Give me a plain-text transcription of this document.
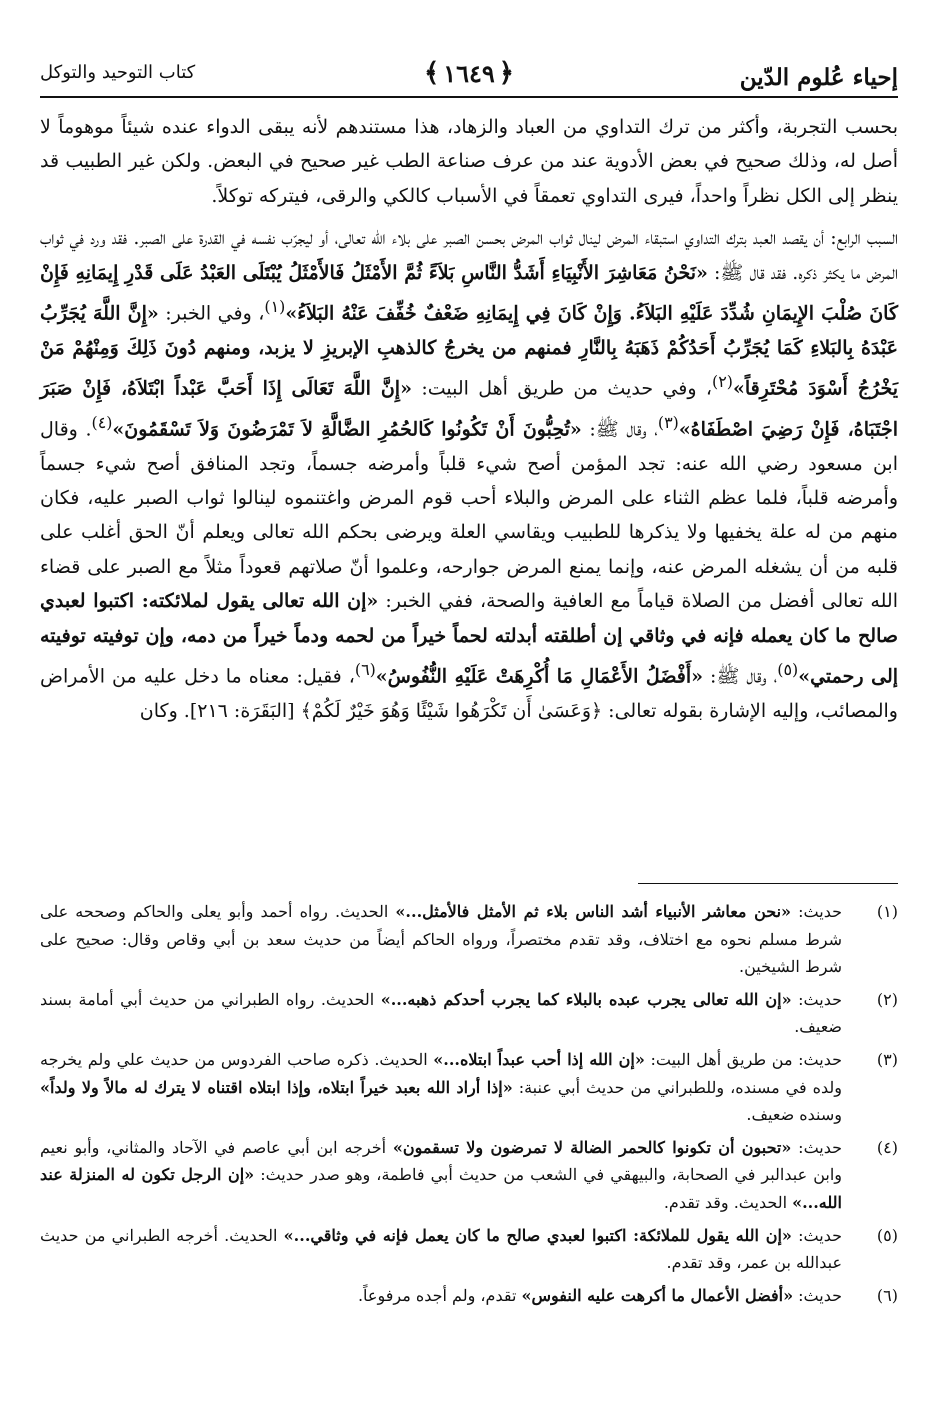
كتاب التوحيد والتوكل	﴾ ١٦٤٩ ﴿	إحياء عُلوم الدّين

بحسب التجربة، وأكثر من ترك التداوي من العباد والزهاد، هذا مستندهم لأنه يبقى الدواء عنده شيئاً موهوماً لا أصل له، وذلك صحيح في بعض الأدوية عند من عرف صناعة الطب غير صحيح في البعض. ولكن غير الطبيب قد ينظر إلى الكل نظراً واحداً، فيرى التداوي تعمقاً في الأسباب كالكي والرقى، فيتركه توكلاً.

السبب الرابع: أن يقصد العبد بترك التداوي استبقاء المرض لينال ثواب المرض بحسن الصبر على بلاء الله تعالى، أو ليجرّب نفسه في القدرة على الصبر. فقد ورد في ثواب المرض ما يكثر ذكره. فقد قال ﷺ: «نَحْنُ مَعَاشِرَ الأَنْبِيَاءِ أَشَدُّ النَّاسِ بَلاَءً ثُمَّ الأَمْثَلُ فَالأَمْثَلُ يُبْتَلَى العَبْدُ عَلَى قَدْرِ إِيمَانِهِ فَإِنْ كَانَ صُلْبَ الإِيمَانِ شُدِّدَ عَلَيْهِ البَلاَءُ. وَإِنْ كَانَ فِي إِيمَانِهِ ضَعْفٌ خُفِّفَ عَنْهُ البَلاَءُ»$^{(١)}$، وفي الخبر: «إِنَّ اللَّهَ يُجَرِّبُ عَبْدَهُ بِالبَلاءِ كَمَا يُجَرِّبُ أَحَدُكُمْ ذَهَبَهُ بِالنَّارِ فمنهم من يخرجُ كالذهبِ الإبريزِ لا يزبد، ومنهم دُونَ ذَلِكَ وَمِنْهُمْ مَنْ يَخْرُجُ أَسْوَدَ مُحْتَرِقاً»$^{(٢)}$، وفي حديث من طريق أهل البيت: «إِنَّ اللَّهَ تَعَالَى إِذَا أَحَبَّ عَبْداً ابْتَلاَهُ، فَإِنْ صَبَرَ اجْتَبَاهُ، فَإِنْ رَضِيَ اصْطَفَاهُ»$^{(٣)}$، وقال ﷺ: «تُحِبُّونَ أَنْ تَكُونُوا كَالحُمُرِ الضَّالَّةِ لاَ تَمْرَضُونَ وَلاَ تَسْقَمُونَ»$^{(٤)}$. وقال ابن مسعود رضي الله عنه: تجد المؤمن أصح شيء قلباً وأمرضه جسماً، وتجد المنافق أصح شيء جسماً وأمرضه قلباً، فلما عظم الثناء على المرض والبلاء أحب قوم المرض واغتنموه لينالوا ثواب الصبر عليه، فكان منهم من له علة يخفيها ولا يذكرها للطبيب ويقاسي العلة ويرضى بحكم الله تعالى ويعلم أنّ الحق أغلب على قلبه من أن يشغله المرض عنه، وإنما يمنع المرض جوارحه، وعلموا أنّ صلاتهم قعوداً مثلاً مع الصبر على قضاء الله تعالى أفضل من الصلاة قياماً مع العافية والصحة، ففي الخبر: «إن الله تعالى يقول لملائكته: اكتبوا لعبدي صالح ما كان يعمله فإنه في وثاقي إن أطلقته أبدلته لحماً خيراً من لحمه ودماً خيراً من دمه، وإن توفيته توفيته إلى رحمتي»$^{(٥)}$، وقال ﷺ: «أَفْضَلُ الأَعْمَالِ مَا أُكْرِهَتْ عَلَيْهِ النُّفُوسُ»$^{(٦)}$، فقيل: معناه ما دخل عليه من الأمراض والمصائب، وإليه الإشارة بقوله تعالى: ﴿وَعَسَىٰ أَن تَكْرَهُوا شَيْئًا وَهُوَ خَيْرٌ لَكُمْ﴾ [البَقَرَة: ٢١٦]. وكان

(١)
حديث: «نحن معاشر الأنبياء أشد الناس بلاء ثم الأمثل فالأمثل...» الحديث. رواه أحمد وأبو يعلى والحاكم وصححه على شرط مسلم نحوه مع اختلاف، وقد تقدم مختصراً، ورواه الحاكم أيضاً من حديث سعد بن أبي وقاص وقال: صحيح على شرط الشيخين.
(٢)
حديث: «إن الله تعالى يجرب عبده بالبلاء كما يجرب أحدكم ذهبه...» الحديث. رواه الطبراني من حديث أبي أمامة بسند ضعيف.
(٣)
حديث: من طريق أهل البيت: «إن الله إذا أحب عبداً ابتلاه...» الحديث. ذكره صاحب الفردوس من حديث علي ولم يخرجه ولده في مسنده، وللطبراني من حديث أبي عنبة: «إذا أراد الله بعبد خيراً ابتلاه، وإذا ابتلاه اقتناه لا يترك له مالاً ولا ولداً» وسنده ضعيف.
(٤)
حديث: «تحبون أن تكونوا كالحمر الضالة لا تمرضون ولا تسقمون» أخرجه ابن أبي عاصم في الآحاد والمثاني، وأبو نعيم وابن عبدالبر في الصحابة، والبيهقي في الشعب من حديث أبي فاطمة، وهو صدر حديث: «إن الرجل تكون له المنزلة عند الله...» الحديث. وقد تقدم.
(٥)
حديث: «إن الله يقول للملائكة: اكتبوا لعبدي صالح ما كان يعمل فإنه في وثاقي...» الحديث. أخرجه الطبراني من حديث عبدالله بن عمر، وقد تقدم.
(٦)
حديث: «أفضل الأعمال ما أكرهت عليه النفوس» تقدم، ولم أجده مرفوعاً.
